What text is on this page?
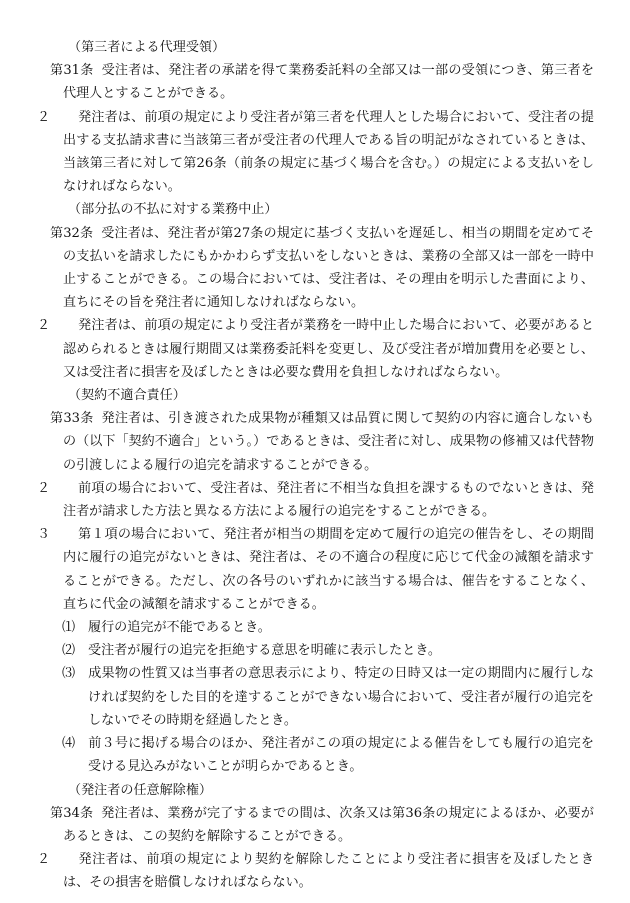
（第三者による代理受領）

第31条 受注者は、発注者の承諾を得て業務委託料の全部又は一部の受領につき、第三者を代理人とすることができる。

２ 発注者は、前項の規定により受注者が第三者を代理人とした場合において、受注者の提出する支払請求書に当該第三者が受注者の代理人である旨の明記がなされているときは、当該第三者に対して第26条（前条の規定に基づく場合を含む。）の規定による支払いをしなければならない。

（部分払の不払に対する業務中止）

第32条 受注者は、発注者が第27条の規定に基づく支払いを遅延し、相当の期間を定めてその支払いを請求したにもかかわらず支払いをしないときは、業務の全部又は一部を一時中止することができる。この場合においては、受注者は、その理由を明示した書面により、直ちにその旨を発注者に通知しなければならない。

２ 発注者は、前項の規定により受注者が業務を一時中止した場合において、必要があると認められるときは履行期間又は業務委託料を変更し、及び受注者が増加費用を必要とし、又は受注者に損害を及ぼしたときは必要な費用を負担しなければならない。

（契約不適合責任）

第33条 発注者は、引き渡された成果物が種類又は品質に関して契約の内容に適合しないもの（以下「契約不適合」という。）であるときは、受注者に対し、成果物の修補又は代替物の引渡しによる履行の追完を請求することができる。

２ 前項の場合において、受注者は、発注者に不相当な負担を課するものでないときは、発注者が請求した方法と異なる方法による履行の追完をすることができる。

３ 第１項の場合において、発注者が相当の期間を定めて履行の追完の催告をし、その期間内に履行の追完がないときは、発注者は、その不適合の程度に応じて代金の減額を請求することができる。ただし、次の各号のいずれかに該当する場合は、催告をすることなく、直ちに代金の減額を請求することができる。

⑴ 履行の追完が不能であるとき。

⑵ 受注者が履行の追完を拒絶する意思を明確に表示したとき。

⑶ 成果物の性質又は当事者の意思表示により、特定の日時又は一定の期間内に履行しなければ契約をした目的を達することができない場合において、受注者が履行の追完をしないでその時期を経過したとき。

⑷ 前３号に掲げる場合のほか、発注者がこの項の規定による催告をしても履行の追完を受ける見込みがないことが明らかであるとき。

（発注者の任意解除権）

第34条 発注者は、業務が完了するまでの間は、次条又は第36条の規定によるほか、必要があるときは、この契約を解除することができる。

２ 発注者は、前項の規定により契約を解除したことにより受注者に損害を及ぼしたときは、その損害を賠償しなければならない。
